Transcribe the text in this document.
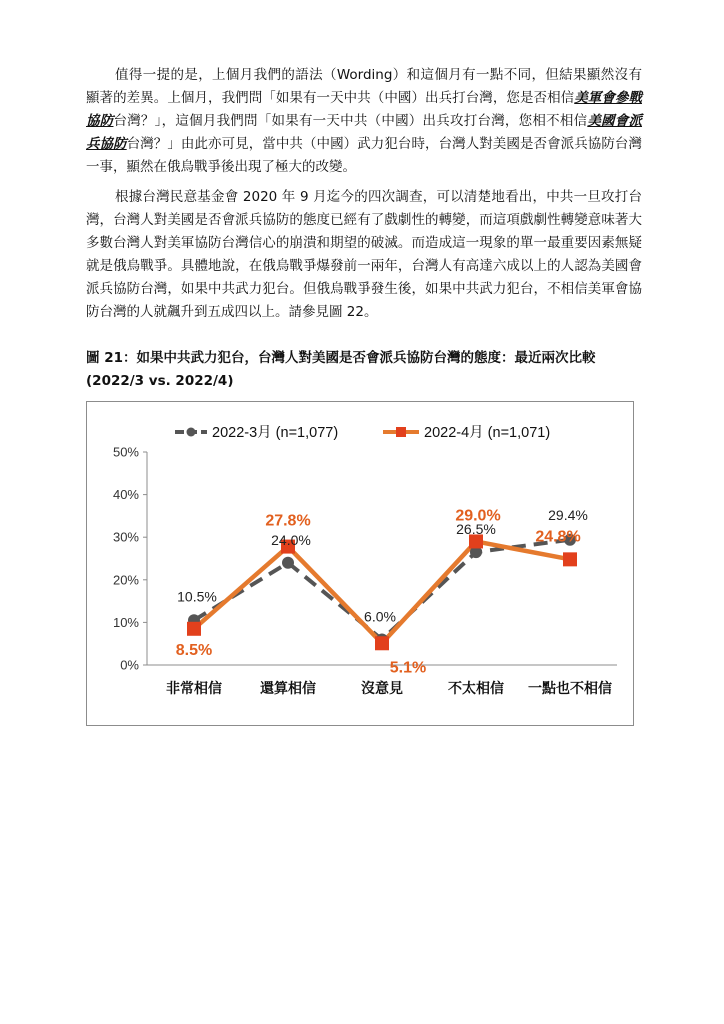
值得一提的是，上個月我們的語法（Wording）和這個月有一點不同，但結果顯然沒有顯著的差異。上個月，我們問「如果有一天中共（中國）出兵打台灣，您是否相信美軍會參戰協防台灣？」，這個月我們問「如果有一天中共（中國）出兵攻打台灣，您相不相信美國會派兵協防台灣？」由此亦可見，當中共（中國）武力犯台時，台灣人對美國是否會派兵協防台灣一事，顯然在俄烏戰爭後出現了極大的改變。

根據台灣民意基金會 2020 年 9 月迄今的四次調查，可以清楚地看出，中共一旦攻打台灣，台灣人對美國是否會派兵協防的態度已經有了戲劇性的轉變，而這項戲劇性轉變意味著大多數台灣人對美軍協防台灣信心的崩潰和期望的破滅。而造成這一現象的單一最重要因素無疑就是俄烏戰爭。具體地說，在俄烏戰爭爆發前一兩年，台灣人有高達六成以上的人認為美國會派兵協防台灣，如果中共武力犯台。但俄烏戰爭發生後，如果中共武力犯台，不相信美軍會協防台灣的人就飆升到五成四以上。請參見圖 22。

圖 21：如果中共武力犯台，台灣人對美國是否會派兵協防台灣的態度：最近兩次比較 (2022/3 vs. 2022/4)

0%
10%
20%
30%
40%
50%
非常相信	還算相信	沒意見	不太相信 一點也不相信
2022-3月 (n=1,077)	2022-4月 (n=1,071)
10.5%
24.0%
6.0%
26.5%
29.4%
8.5%
27.8%
5.1%
29.0%
24.8%
